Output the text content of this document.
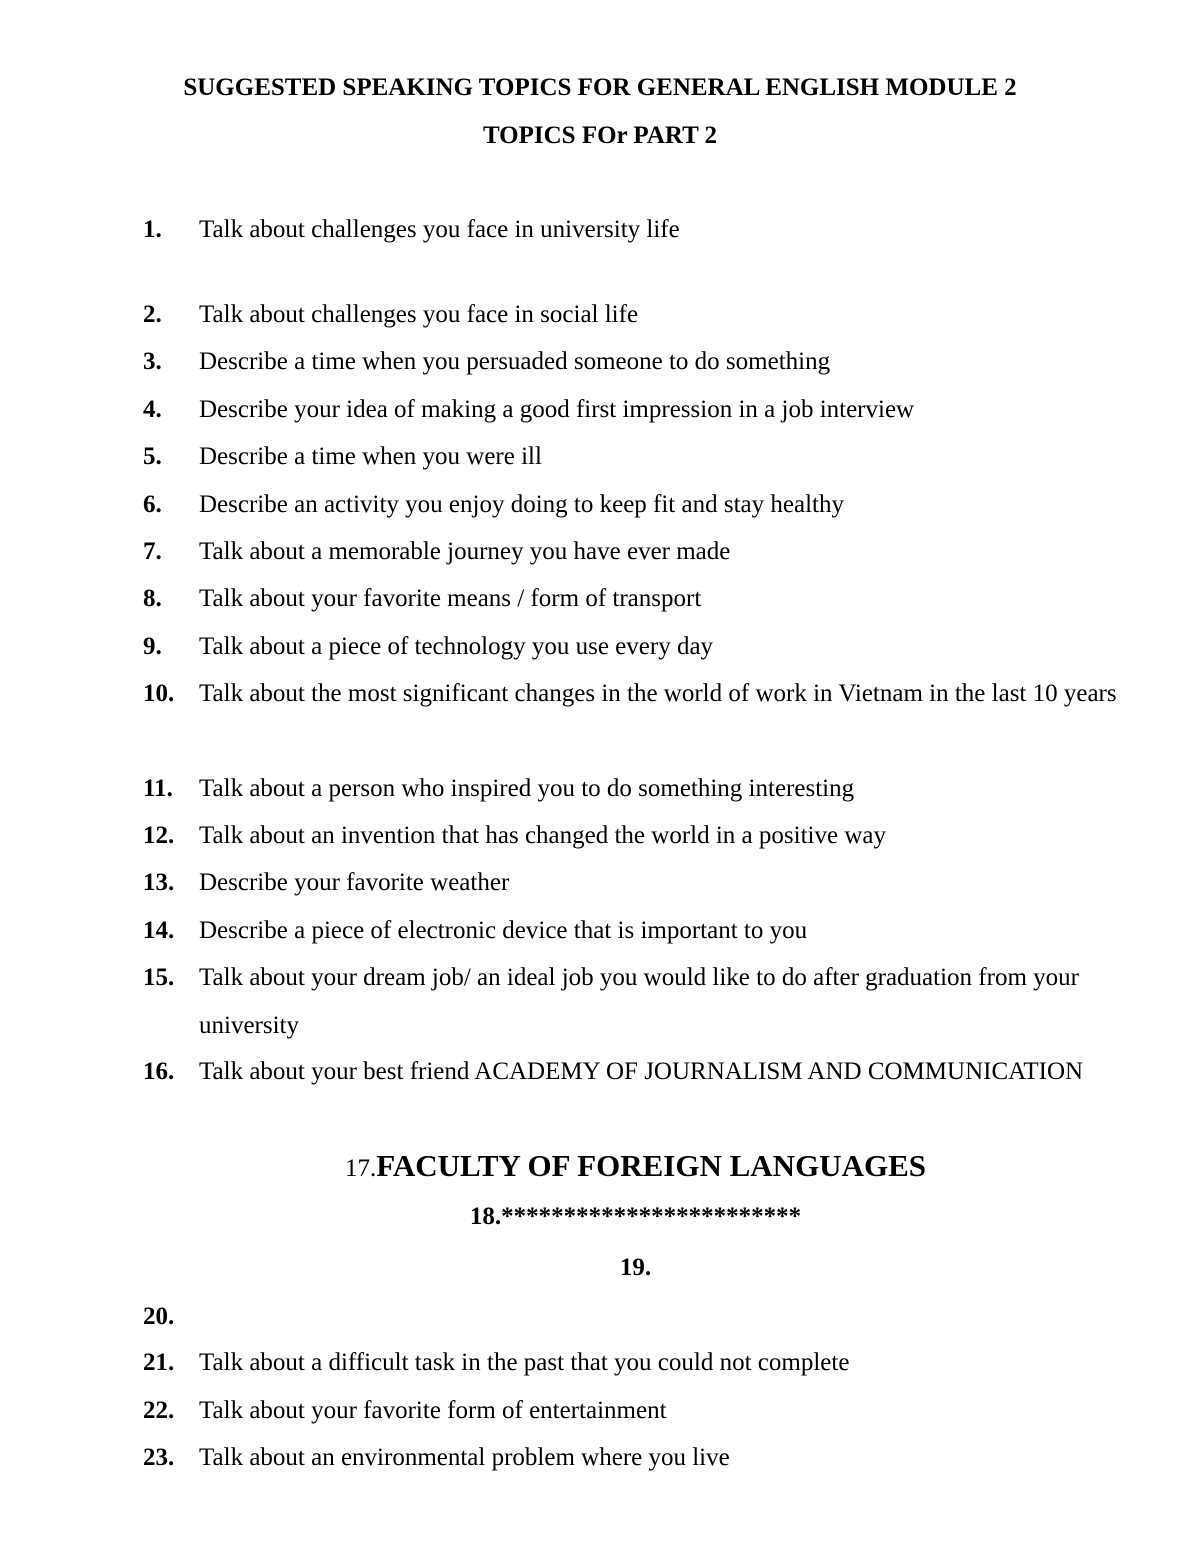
SUGGESTED SPEAKING TOPICS FOR GENERAL ENGLISH MODULE 2
TOPICS FOr PART 2
1. Talk about challenges you face in university life
2. Talk about challenges you face in social life
3. Describe a time when you persuaded someone to do something
4. Describe your idea of making a good first impression in a job interview
5. Describe a time when you were ill
6. Describe an activity you enjoy doing to keep fit and stay healthy
7. Talk about a memorable journey you have ever made
8. Talk about your favorite means / form of transport
9. Talk about a piece of technology you use every day
10. Talk about the most significant changes in the world of work in Vietnam in the last 10 years
11. Talk about a person who inspired you to do something interesting
12. Talk about an invention that has changed the world in a positive way
13. Describe your favorite weather
14. Describe a piece of electronic device that is important to you
15. Talk about your dream job/ an ideal job you would like to do after graduation from your university
16. Talk about your best friend ACADEMY OF JOURNALISM AND COMMUNICATION
17.FACULTY OF FOREIGN LANGUAGES
18.************************
19.
20.
21. Talk about a difficult task in the past that you could not complete
22. Talk about your favorite form of entertainment
23. Talk about an environmental problem where you live
